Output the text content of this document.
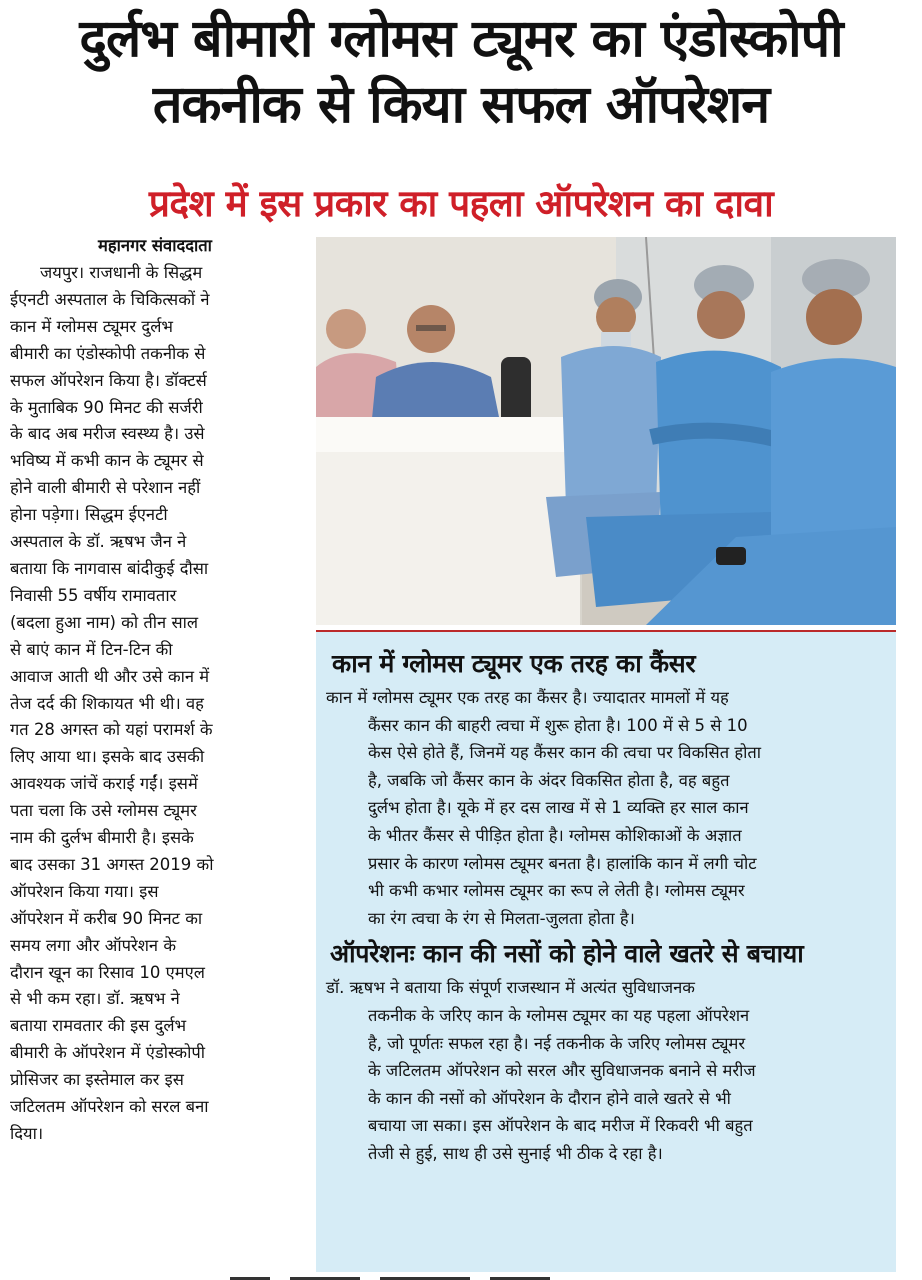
दुर्लभ बीमारी ग्लोमस ट्यूमर का एंडोस्कोपी
तकनीक से किया सफल ऑपरेशन
प्रदेश में इस प्रकार का पहला ऑपरेशन का दावा
महानगर संवाददाता
जयपुर। राजधानी के सिद्धम
ईएनटी अस्पताल के चिकित्सकों ने
कान में ग्लोमस ट्यूमर दुर्लभ
बीमारी का एंडोस्कोपी तकनीक से
सफल ऑपरेशन किया है। डॉक्टर्स
के मुताबिक 90 मिनट की सर्जरी
के बाद अब मरीज स्वस्थ्य है। उसे
भविष्य में कभी कान के ट्यूमर से
होने वाली बीमारी से परेशान नहीं
होना पड़ेगा। सिद्धम ईएनटी
अस्पताल के डॉ. ऋषभ जैन ने
बताया कि नागवास बांदीकुई दौसा
निवासी 55 वर्षीय रामावतार
(बदला हुआ नाम) को तीन साल
से बाएं कान में टिन-टिन की
आवाज आती थी और उसे कान में
तेज दर्द की शिकायत भी थी। वह
गत 28 अगस्त को यहां परामर्श के
लिए आया था। इसके बाद उसकी
आवश्यक जांचें कराई गईं। इसमें
पता चला कि उसे ग्लोमस ट्यूमर
नाम की दुर्लभ बीमारी है। इसके
बाद उसका 31 अगस्त 2019 को
ऑपरेशन किया गया। इस
ऑपरेशन में करीब 90 मिनट का
समय लगा और ऑपरेशन के
दौरान खून का रिसाव 10 एमएल
से भी कम रहा। डॉ. ऋषभ ने
बताया रामवतार की इस दुर्लभ
बीमारी के ऑपरेशन में एंडोस्कोपी
प्रोसिजर का इस्तेमाल कर इस
जटिलतम ऑपरेशन को सरल बना
दिया।
कान में ग्लोमस ट्यूमर एक तरह का कैंसर

कान में ग्लोमस ट्यूमर एक तरह का कैंसर है। ज्यादातर मामलों में यह

कैंसर कान की बाहरी त्वचा में शुरू होता है। 100 में से 5 से 10

केस ऐसे होते हैं, जिनमें यह कैंसर कान की त्वचा पर विकसित होता

है, जबकि जो कैंसर कान के अंदर विकसित होता है, वह बहुत

दुर्लभ होता है। यूके में हर दस लाख में से 1 व्यक्ति हर साल कान

के भीतर कैंसर से पीड़ित होता है। ग्लोमस कोशिकाओं के अज्ञात

प्रसार के कारण ग्लोमस ट्यूमर बनता है। हालांकि कान में लगी चोट

भी कभी कभार ग्लोमस ट्यूमर का रूप ले लेती है। ग्लोमस ट्यूमर

का रंग त्वचा के रंग से मिलता-जुलता होता है।

ऑपरेशनः कान की नसों को होने वाले खतरे से बचाया

डॉ. ऋषभ ने बताया कि संपूर्ण राजस्थान में अत्यंत सुविधाजनक

तकनीक के जरिए कान के ग्लोमस ट्यूमर का यह पहला ऑपरेशन

है, जो पूर्णतः सफल रहा है। नई तकनीक के जरिए ग्लोमस ट्यूमर

के जटिलतम ऑपरेशन को सरल और सुविधाजनक बनाने से मरीज

के कान की नसों को ऑपरेशन के दौरान होने वाले खतरे से भी

बचाया जा सका। इस ऑपरेशन के बाद मरीज में रिकवरी भी बहुत

तेजी से हुई, साथ ही उसे सुनाई भी ठीक दे रहा है।
